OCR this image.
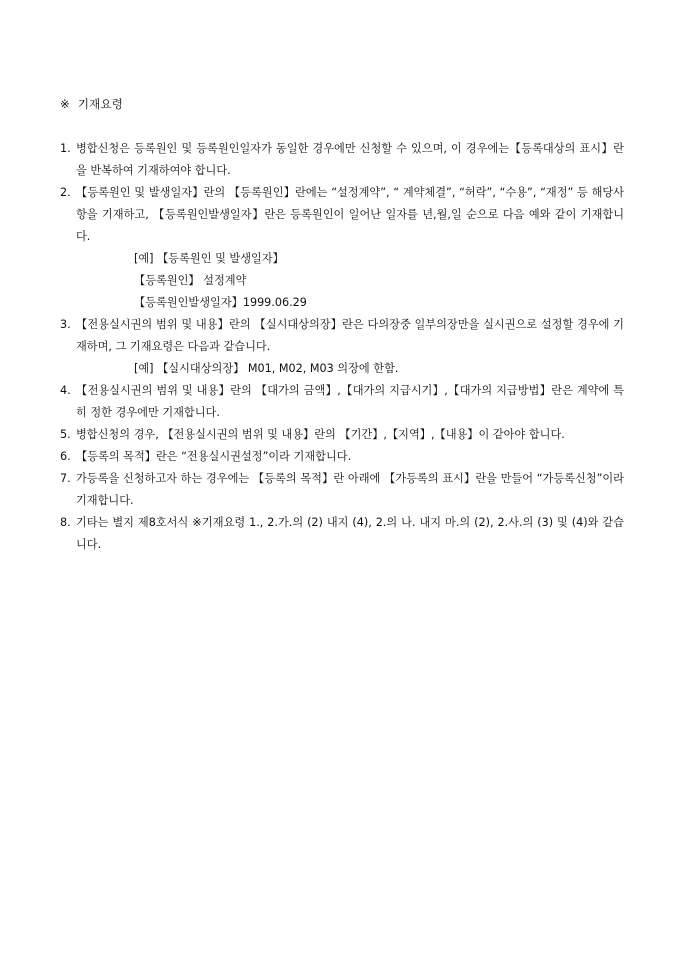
※ 기재요령
1. 병합신청은 등록원인 및 등록원인일자가 동일한 경우에만 신청할 수 있으며, 이 경우에는【등록대상의 표시】란을 반복하여 기재하여야 합니다.
2. 【등록원인 및 발생일자】란의 【등록원인】란에는 “설정계약”, “ 계약체결”, “허락”, “수용”, “재정” 등 해당사항을 기재하고, 【등록원인발생일자】란은 등록원인이 일어난 일자를 년,월,일 순으로 다음 예와 같이 기재합니다.
[예] 【등록원인 및 발생일자】
【등록원인】 설정계약
【등록원인발생일자】1999.06.29
3. 【전용실시권의 범위 및 내용】란의 【실시대상의장】란은 다의장중 일부의장만을 실시권으로 설정할 경우에 기재하며, 그 기재요령은 다음과 같습니다.
[예] 【실시대상의장】 M01, M02, M03 의장에 한함.
4. 【전용실시권의 범위 및 내용】란의 【대가의 금액】,【대가의 지급시기】,【대가의 지급방법】란은 계약에 특히 정한 경우에만 기재합니다.
5. 병합신청의 경우, 【전용실시권의 범위 및 내용】란의 【기간】,【지역】,【내용】이 같아야 합니다.
6. 【등록의 목적】란은 “전용실시권설정”이라 기재합니다.
7. 가등록을 신청하고자 하는 경우에는 【등록의 목적】란 아래에 【가등록의 표시】란을 만들어 “가등록신청”이라 기재합니다.
8. 기타는 별지 제8호서식 ※기재요령 1., 2.가.의 (2) 내지 (4), 2.의 나. 내지 마.의 (2), 2.사.의 (3) 및 (4)와 같습니다.
